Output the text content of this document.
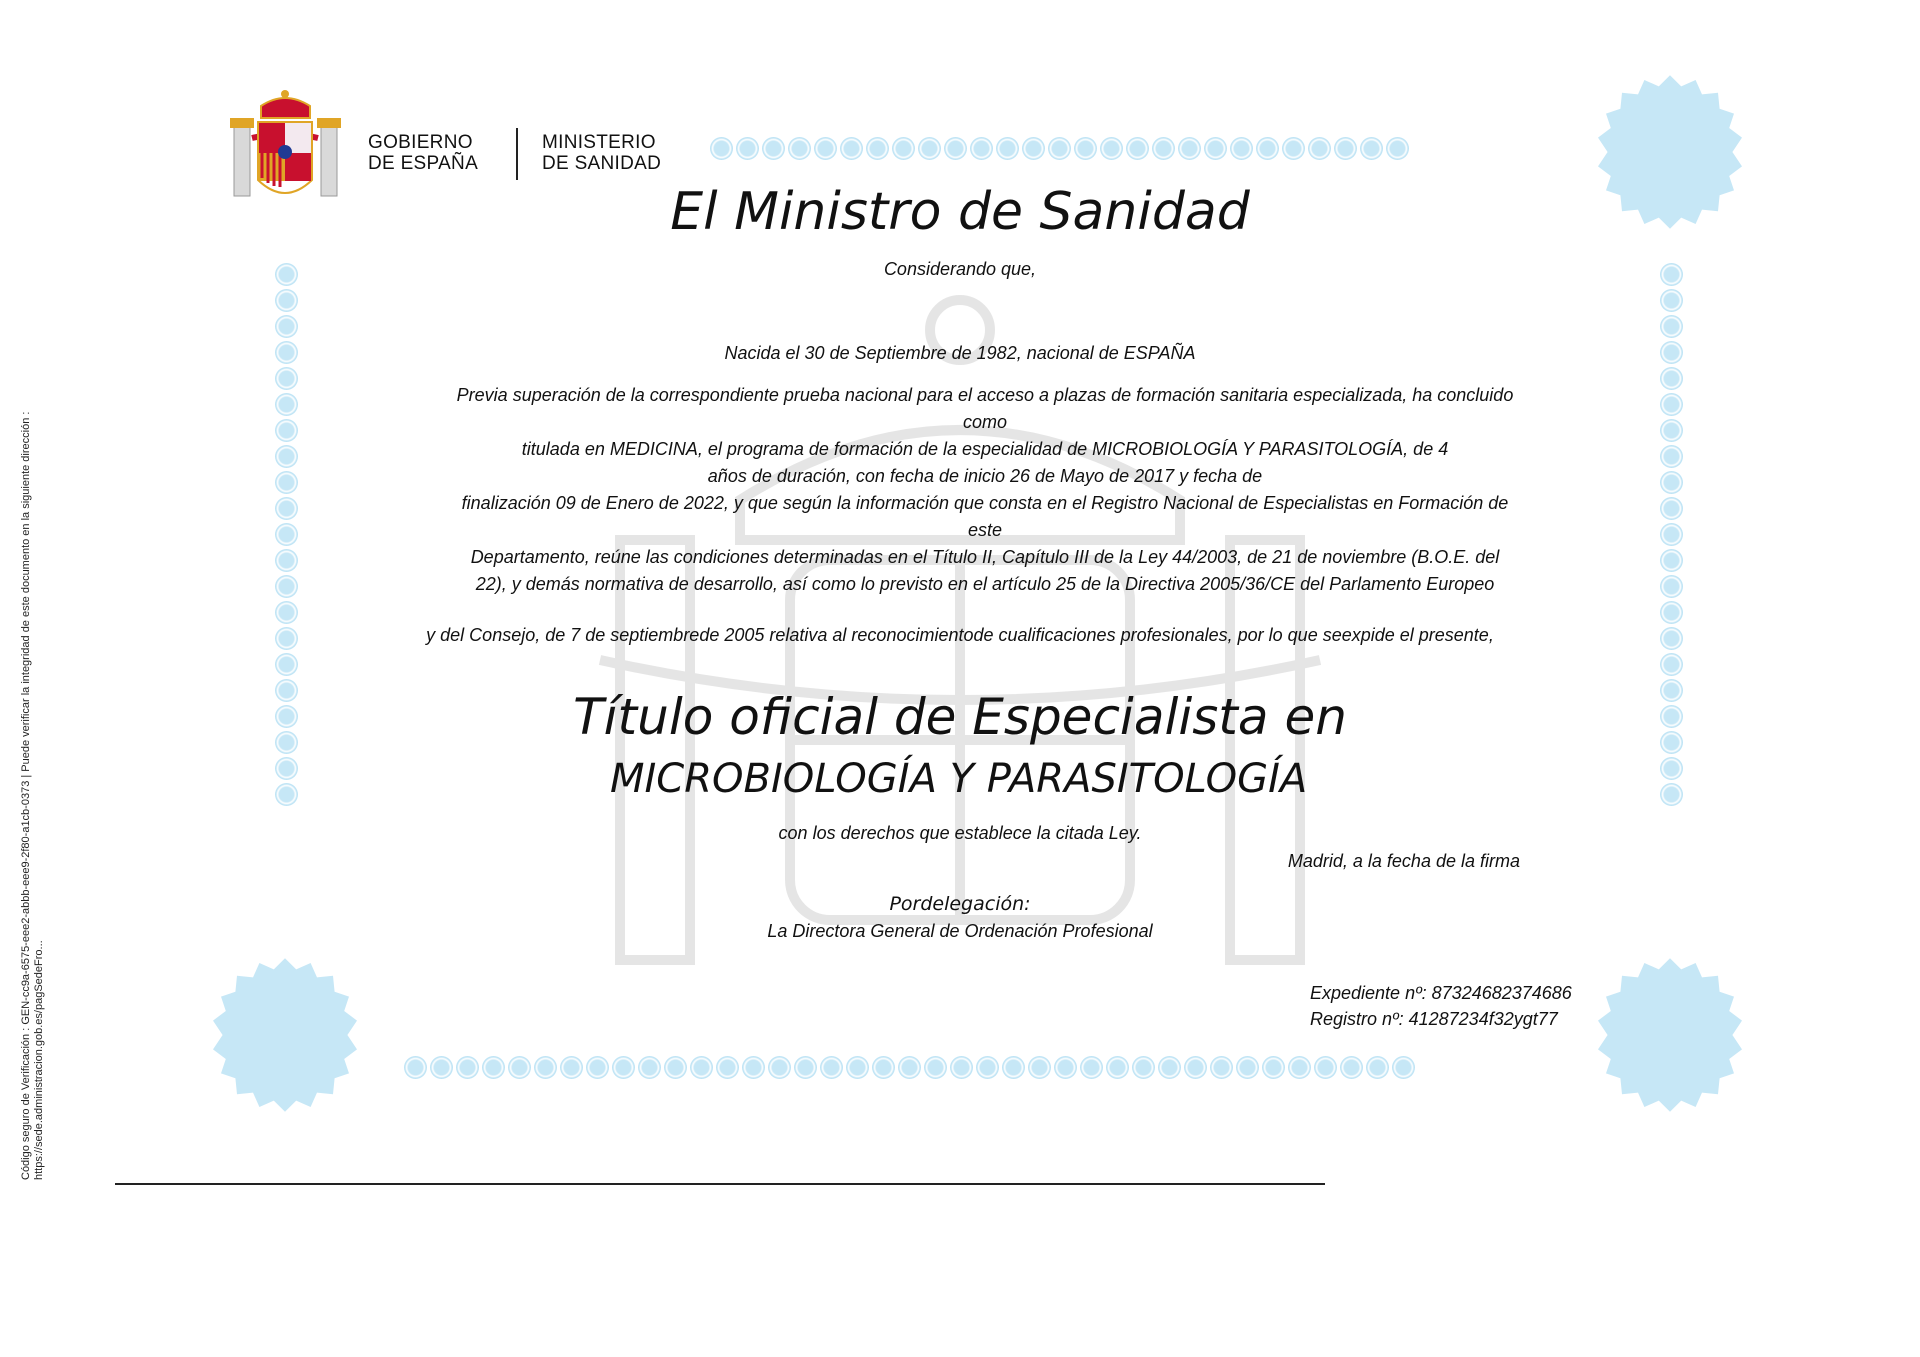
GOBIERNO
DE ESPAÑA
MINISTERIO
DE SANIDAD
El Ministro de Sanidad
Considerando que,
Nacida el 30 de Septiembre de 1982, nacional de ESPAÑA
Previa superación de la correspondiente prueba nacional para el acceso a plazas de formación sanitaria especializada, ha concluido como
titulada en MEDICINA, el programa de formación de la especialidad de MICROBIOLOGÍA Y PARASITOLOGÍA, de 4
años de duración, con fecha de inicio 26 de Mayo de 2017 y fecha de
finalización 09 de Enero de 2022, y que según la información que consta en el Registro Nacional de Especialistas en Formación de este
Departamento, reúne las condiciones determinadas en el Título II, Capítulo III de la Ley 44/2003, de 21 de noviembre (B.O.E. del
22), y demás normativa de desarrollo, así como lo previsto en el artículo 25 de la Directiva 2005/36/CE del Parlamento Europeo
y del Consejo, de 7 de septiembrede 2005 relativa al reconocimientode cualificaciones profesionales, por lo que seexpide el presente,
Título oficial de Especialista en
MICROBIOLOGÍA Y PARASITOLOGÍA
con los derechos que establece la citada Ley.
Madrid, a la fecha de la firma
Pordelegación:
La Directora General de Ordenación Profesional
Expediente nº: 87324682374686
Registro nº: 41287234f32ygt77
Código seguro de Verificación : GEN-cc9a-6575-eee2-abbb-eee9-2f80-a1cb-0373 | Puede verificar la integridad de este documento en la siguiente dirección : https://sede.administracion.gob.es/pagSedeFro...
